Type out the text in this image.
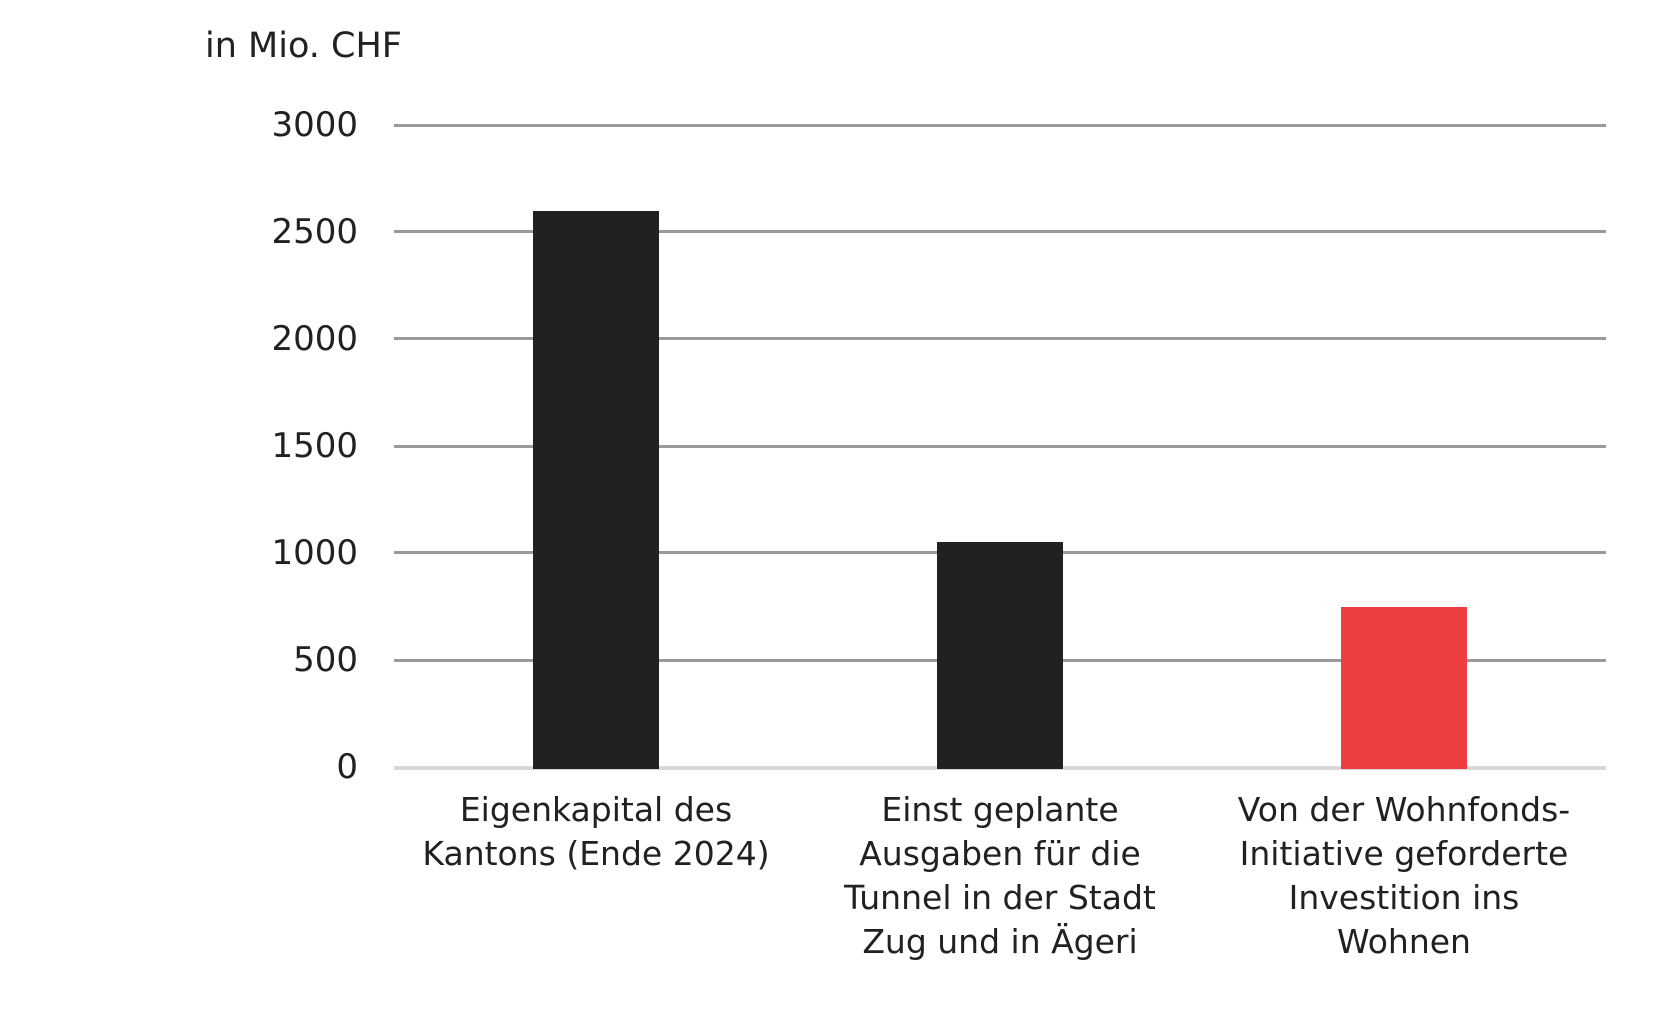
in Mio. CHF
0
500
1000
1500
2000
2500
3000
Eigenkapital des
Kantons (Ende 2024)
Einst geplante
Ausgaben für die
Tunnel in der Stadt
Zug und in Ägeri
Von der Wohnfonds-
Initiative geforderte
Investition ins
Wohnen
